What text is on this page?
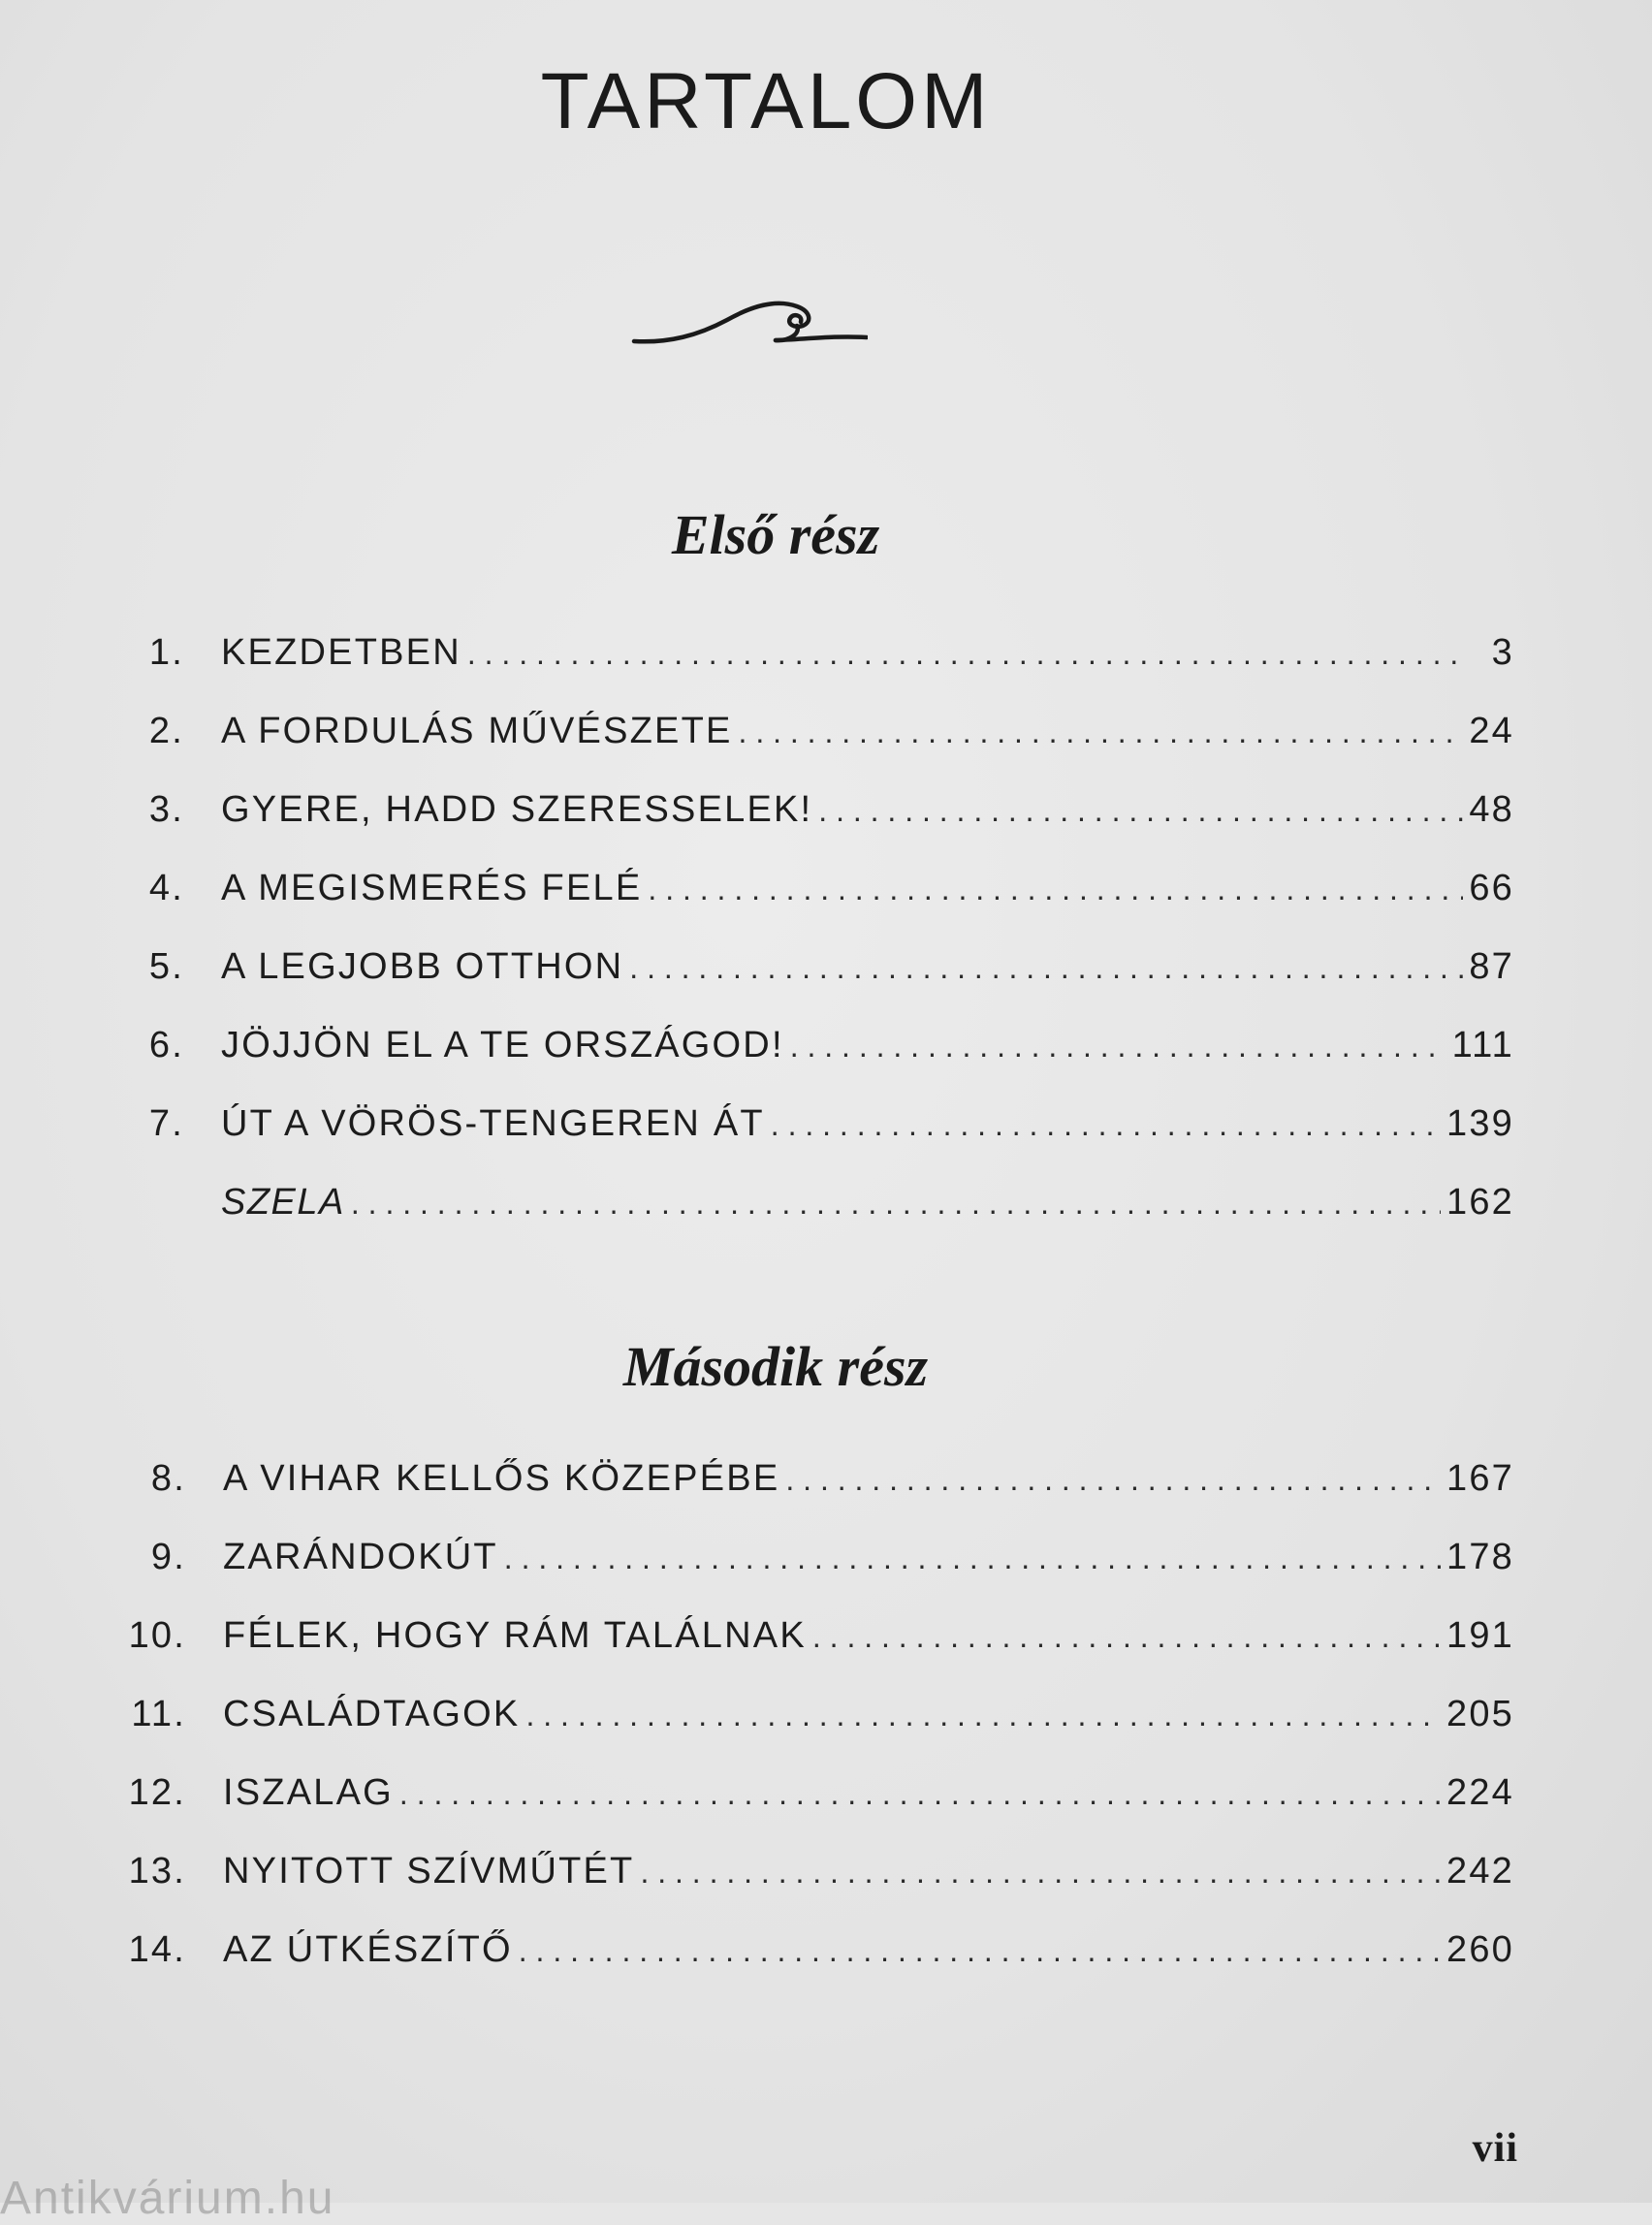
TARTALOM
Első rész
1. KEZDETBEN . . .	3
2. A FORDULÁS MŰVÉSZETE . . .	24
3. GYERE, HADD SZERESSELEK! . . .	48
4. A MEGISMERÉS FELÉ . . .	66
5. A LEGJOBB OTTHON . . .	87
6. JÖJJÖN EL A TE ORSZÁGOD! . . .	111
7. ÚT A VÖRÖS-TENGEREN ÁT . . .	139
SZELA . . .	162
Második rész
8. A VIHAR KELLŐS KÖZEPÉBE . . .	167
9. ZARÁNDOKÚT . . .	178
10. FÉLEK, HOGY RÁM TALÁLNAK . . .	191
11. CSALÁDTAGOK . . .	205
12. ISZALAG . . .	224
13. NYITOTT SZÍVMŰTÉT . . .	242
14. AZ ÚTKÉSZÍTŐ . . .	260
vii
Antikvárium.hu
